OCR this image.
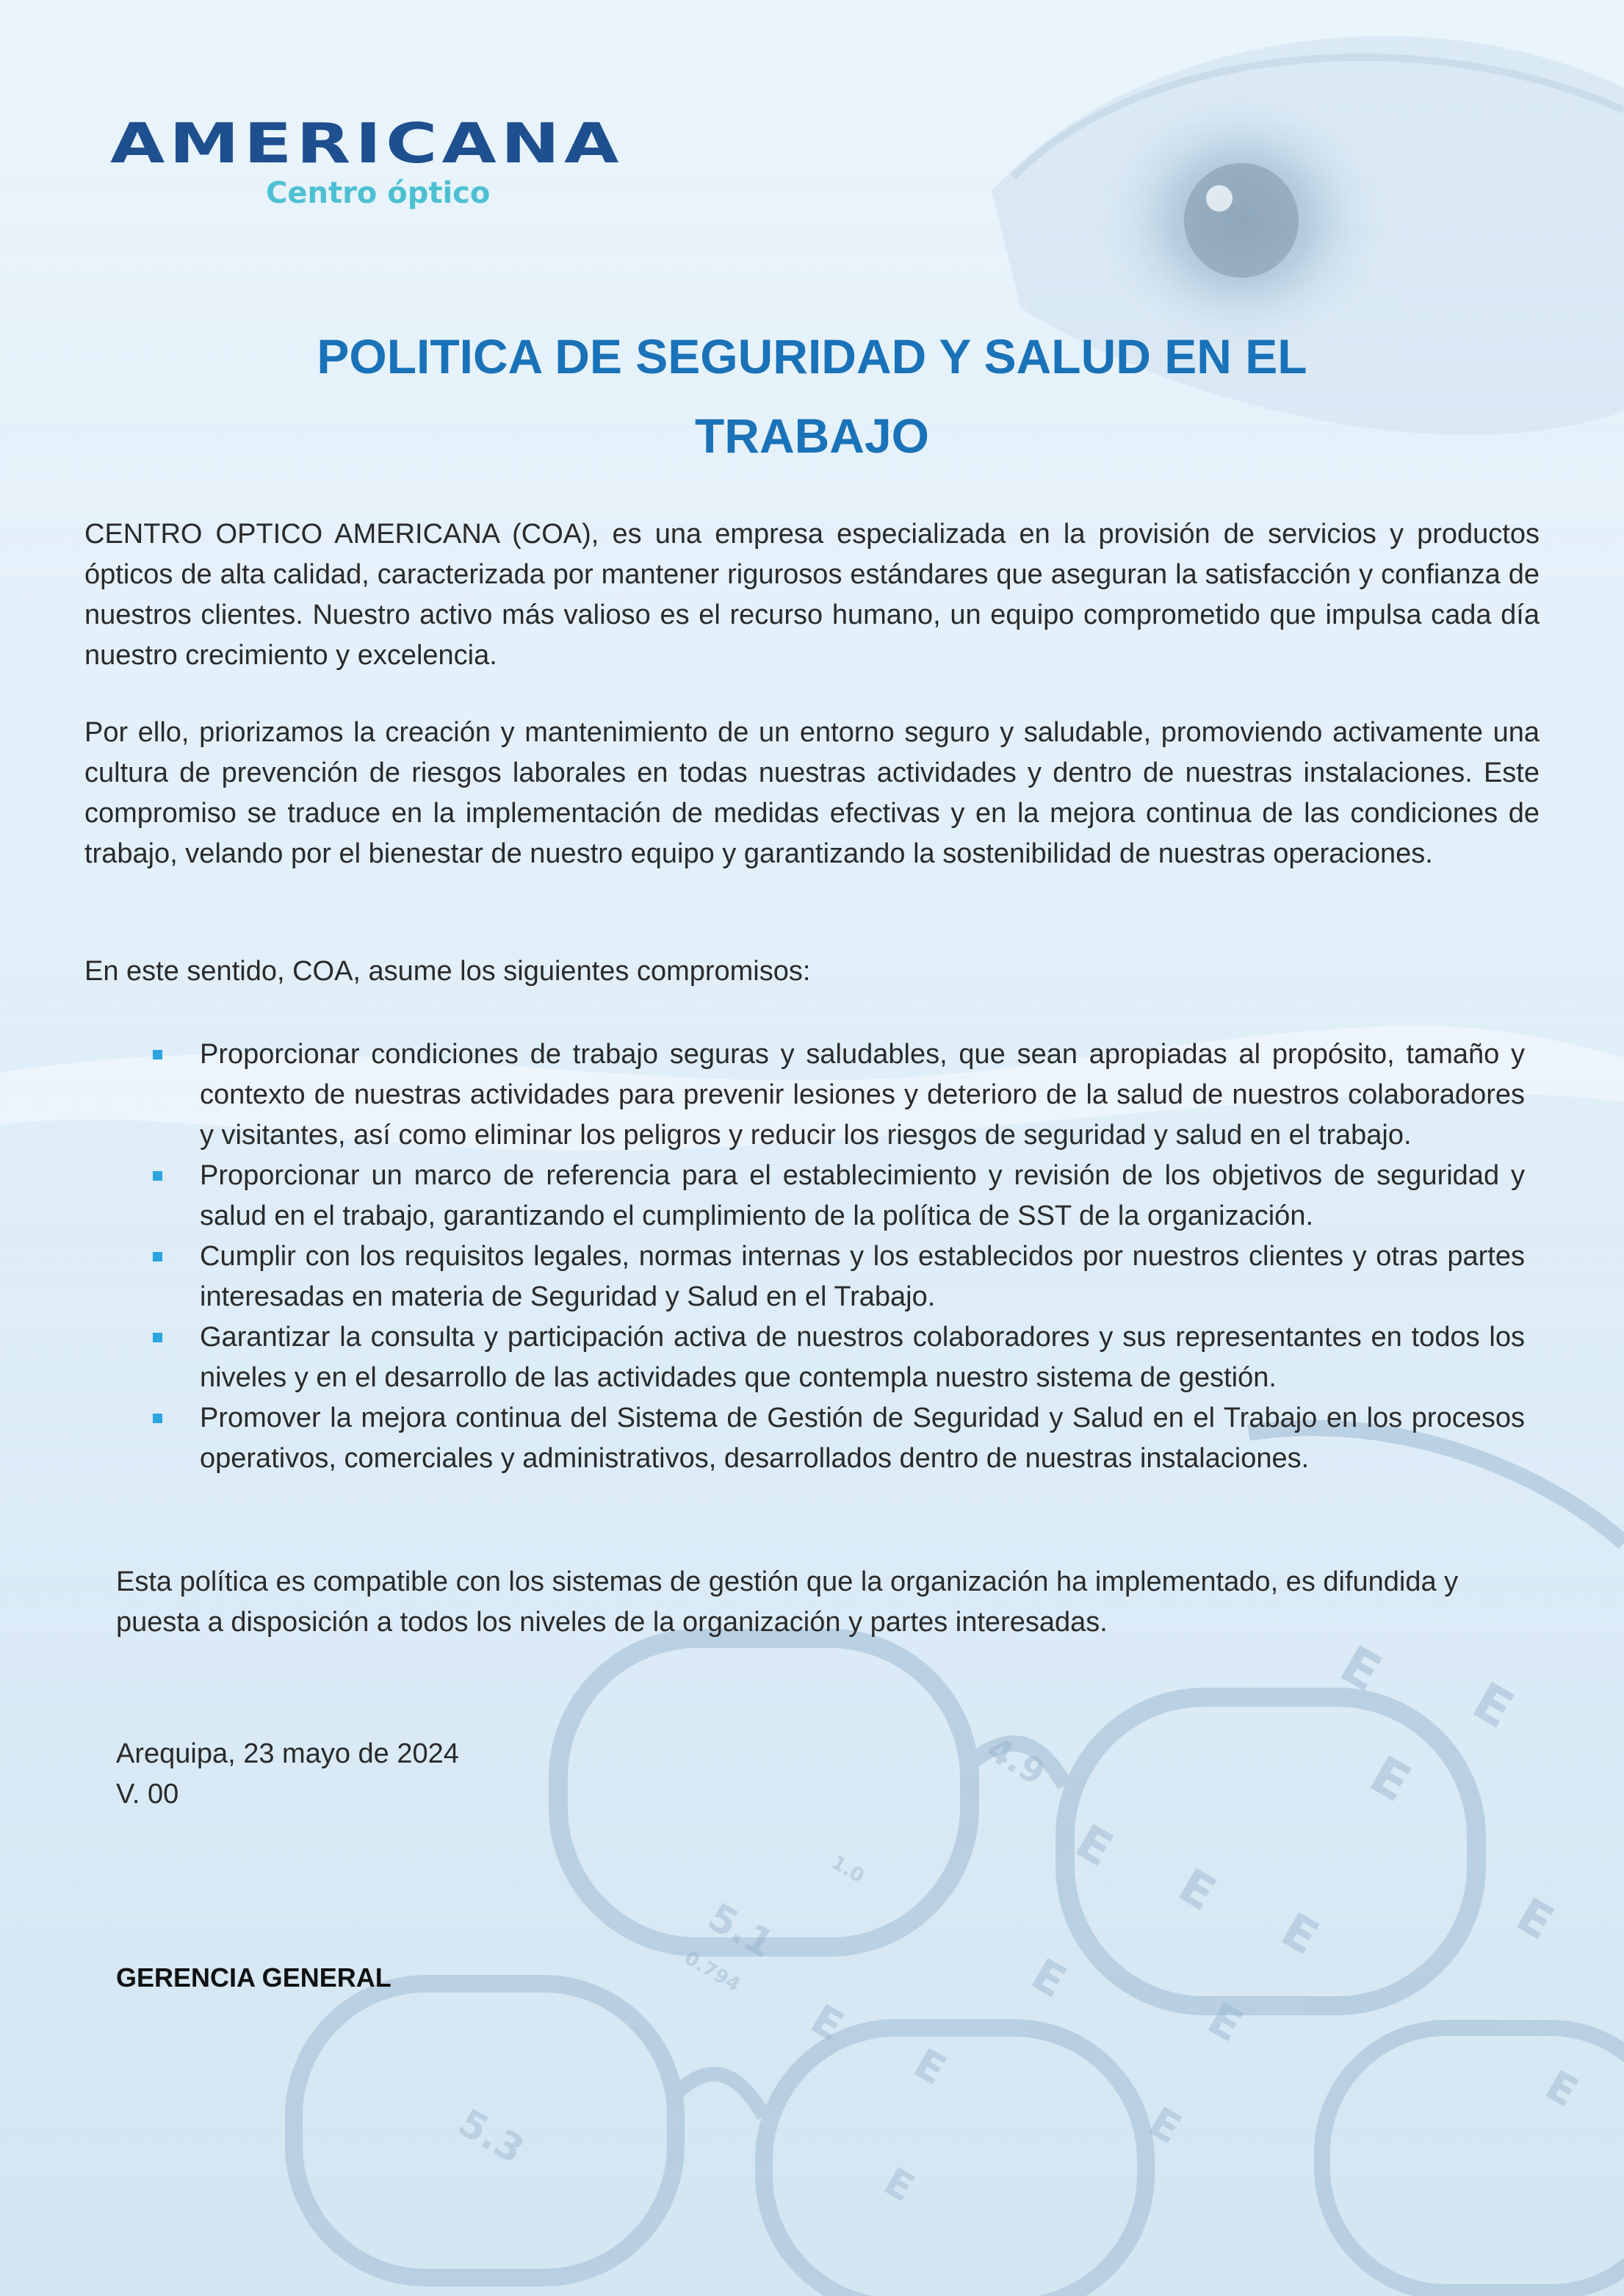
E
E
E
E
E
E
E
E
E
E
E
E
E
E
4.9
5.1
0.794
5.3
1.0
AMERICANA
Centro óptico
POLITICA DE SEGURIDAD Y SALUD EN EL
TRABAJO

CENTRO OPTICO AMERICANA (COA), es una empresa especializada en la provisión de servicios y productos ópticos de alta calidad, caracterizada por mantener rigurosos estándares que aseguran la satisfacción y confianza de nuestros clientes. Nuestro activo más valioso es el recurso humano, un equipo comprometido que impulsa cada día nuestro crecimiento y excelencia.

Por ello, priorizamos la creación y mantenimiento de un entorno seguro y saludable, promoviendo activamente una cultura de prevención de riesgos laborales en todas nuestras actividades y dentro de nuestras instalaciones. Este compromiso se traduce en la implementación de medidas efectivas y en la mejora continua de las condiciones de trabajo, velando por el bienestar de nuestro equipo y garantizando la sostenibilidad de nuestras operaciones.

En este sentido, COA, asume los siguientes compromisos:

Proporcionar condiciones de trabajo seguras y saludables, que sean apropiadas al propósito, tamaño y contexto de nuestras actividades para prevenir lesiones y deterioro de la salud de nuestros colaboradores y visitantes, así como eliminar los peligros y reducir los riesgos de seguridad y salud en el trabajo.
Proporcionar un marco de referencia para el establecimiento y revisión de los objetivos de seguridad y salud en el trabajo, garantizando el cumplimiento de la política de SST de la organización.
Cumplir con los requisitos legales, normas internas y los establecidos por nuestros clientes y otras partes interesadas en materia de Seguridad y Salud en el Trabajo.
Garantizar la consulta y participación activa de nuestros colaboradores y sus representantes en todos los niveles y en el desarrollo de las actividades que contempla nuestro sistema de gestión.
Promover la mejora continua del Sistema de Gestión de Seguridad y Salud en el Trabajo en los procesos operativos, comerciales y administrativos, desarrollados dentro de nuestras instalaciones.

Esta política es compatible con los sistemas de gestión que la organización ha implementado, es difundida y puesta a disposición a todos los niveles de la organización y partes interesadas.

Arequipa, 23 mayo de 2024
V. 00
GERENCIA GENERAL
